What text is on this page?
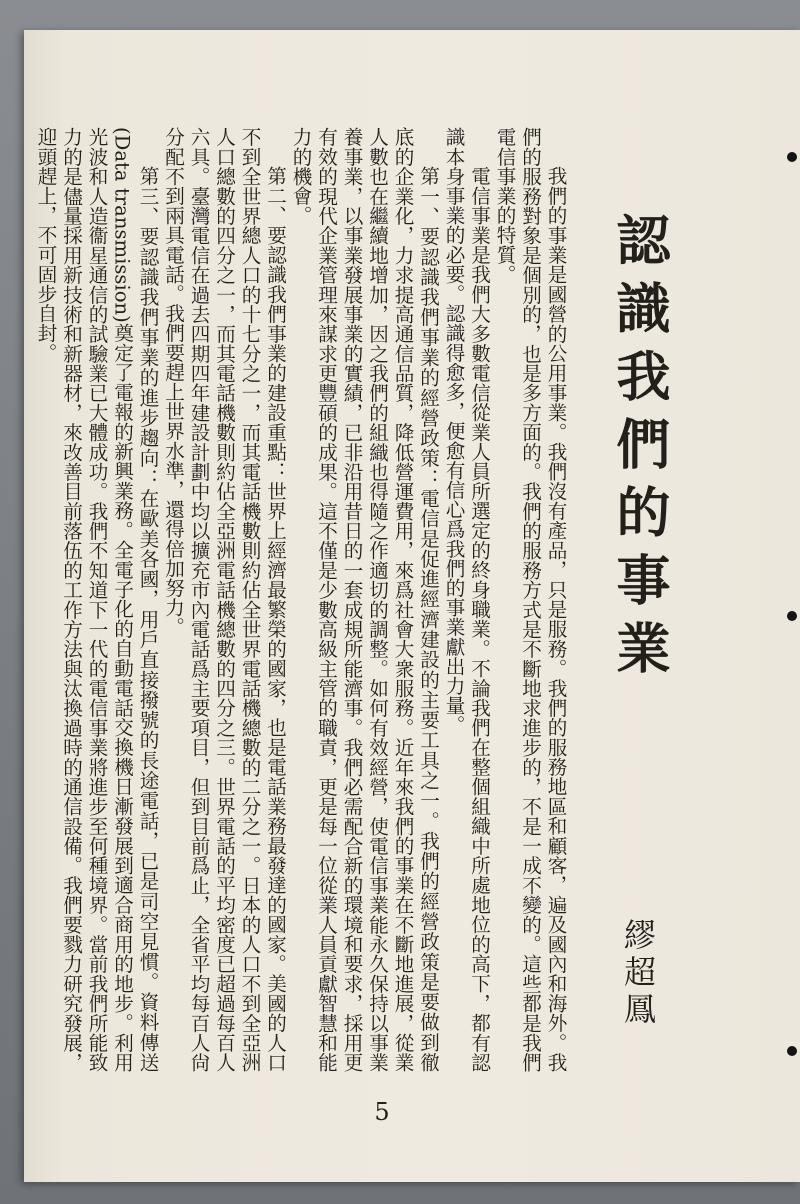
認識我們的事業
繆超鳳
我們的事業是國營的公用事業。我們沒有產品，只是服務。我們的服務地區和顧客，遍及國內和海外。我
們的服務對象是個別的，也是多方面的。我們的服務方式是不斷地求進步的，不是一成不變的。這些都是我們
電信事業的特質。
電信事業是我們大多數電信從業人員所選定的終身職業。不論我們在整個組織中所處地位的高下，都有認
識本身事業的必要。認識得愈多，便愈有信心爲我們的事業獻出力量。
第一、要認識我們事業的經營政策：電信是促進經濟建設的主要工具之一。我們的經營政策是要做到徹
底的企業化，力求提高通信品質，降低營運費用，來爲社會大衆服務。近年來我們的事業在不斷地進展，從業
人數也在繼續地增加，因之我們的組織也得隨之作適切的調整。如何有效經營，使電信事業能永久保持以事業
養事業，以事業發展事業的實績，已非沿用昔日的一套成規所能濟事。我們必需配合新的環境和要求，採用更
有效的現代企業管理來謀求更豐碩的成果。這不僅是少數高級主管的職責，更是每一位從業人員貢獻智慧和能
力的機會。
第二、要認識我們事業的建設重點：世界上經濟最繁榮的國家，也是電話業務最發達的國家。美國的人口
不到全世界總人口的十七分之一，而其電話機數則約佔全世界電話機總數的二分之一。日本的人口不到全亞洲
人口總數的四分之一，而其電話機數則約佔全亞洲電話機總數的四分之三。世界電話的平均密度已超過每百人
六具。臺灣電信在過去四期四年建設計劃中均以擴充市內電話爲主要項目，但到目前爲止，全省平均每百人尙
分配不到兩具電話。我們要趕上世界水準，還得倍加努力。
第三、要認識我們事業的進步趨向：在歐美各國，用戶直接撥號的長途電話，已是司空見慣。資料傳送
(Data transmission)奠定了電報的新興業務。全電子化的自動電話交換機日漸發展到適合商用的地步。利用
光波和人造衞星通信的試驗業已大體成功。我們不知道下一代的電信事業將進步至何種境界。當前我們所能致
力的是儘量採用新技術和新器材，來改善目前落伍的工作方法與汰換過時的通信設備。我們要戮力研究發展，
迎頭趕上，不可固步自封。
5
